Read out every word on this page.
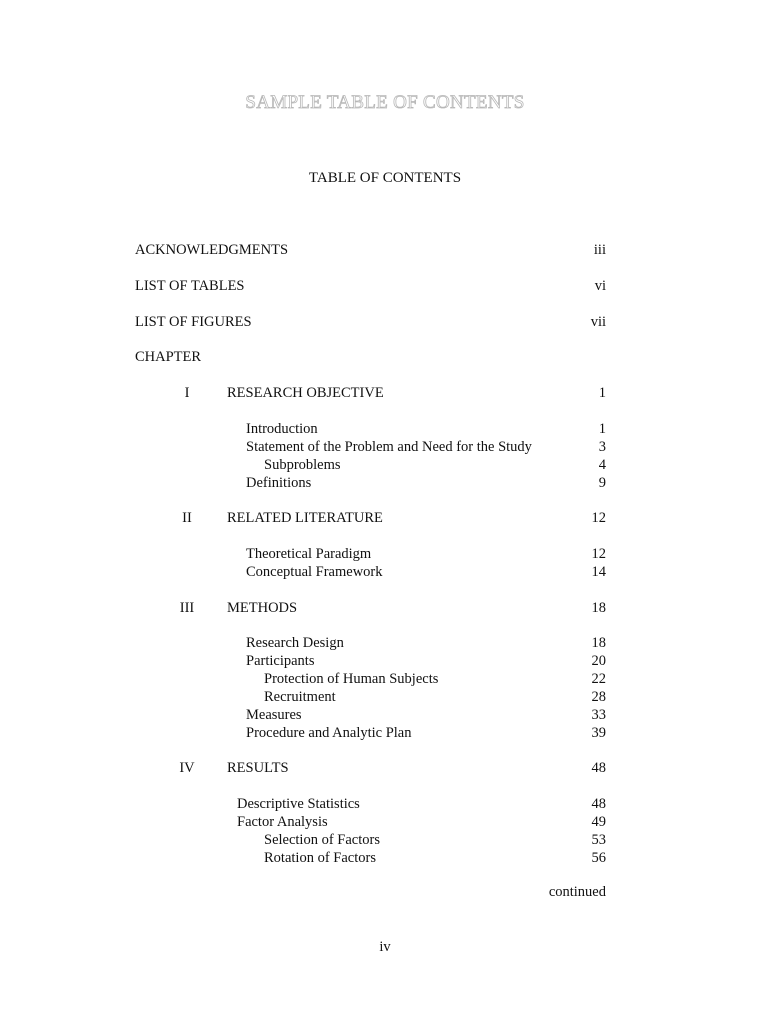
SAMPLE TABLE OF CONTENTS
TABLE OF CONTENTS
ACKNOWLEDGMENTS	iii
LIST OF TABLES	vi
LIST OF FIGURES	vii
CHAPTER
I	RESEARCH OBJECTIVE	1
Introduction	1
Statement of the Problem and Need for the Study	3
Subproblems	4
Definitions	9
II	RELATED LITERATURE	12
Theoretical Paradigm	12
Conceptual Framework	14
III	METHODS	18
Research Design	18
Participants	20
Protection of Human Subjects	22
Recruitment	28
Measures	33
Procedure and Analytic Plan	39
IV	RESULTS	48
Descriptive Statistics	48
Factor Analysis	49
Selection of Factors	53
Rotation of Factors	56
continued
iv
